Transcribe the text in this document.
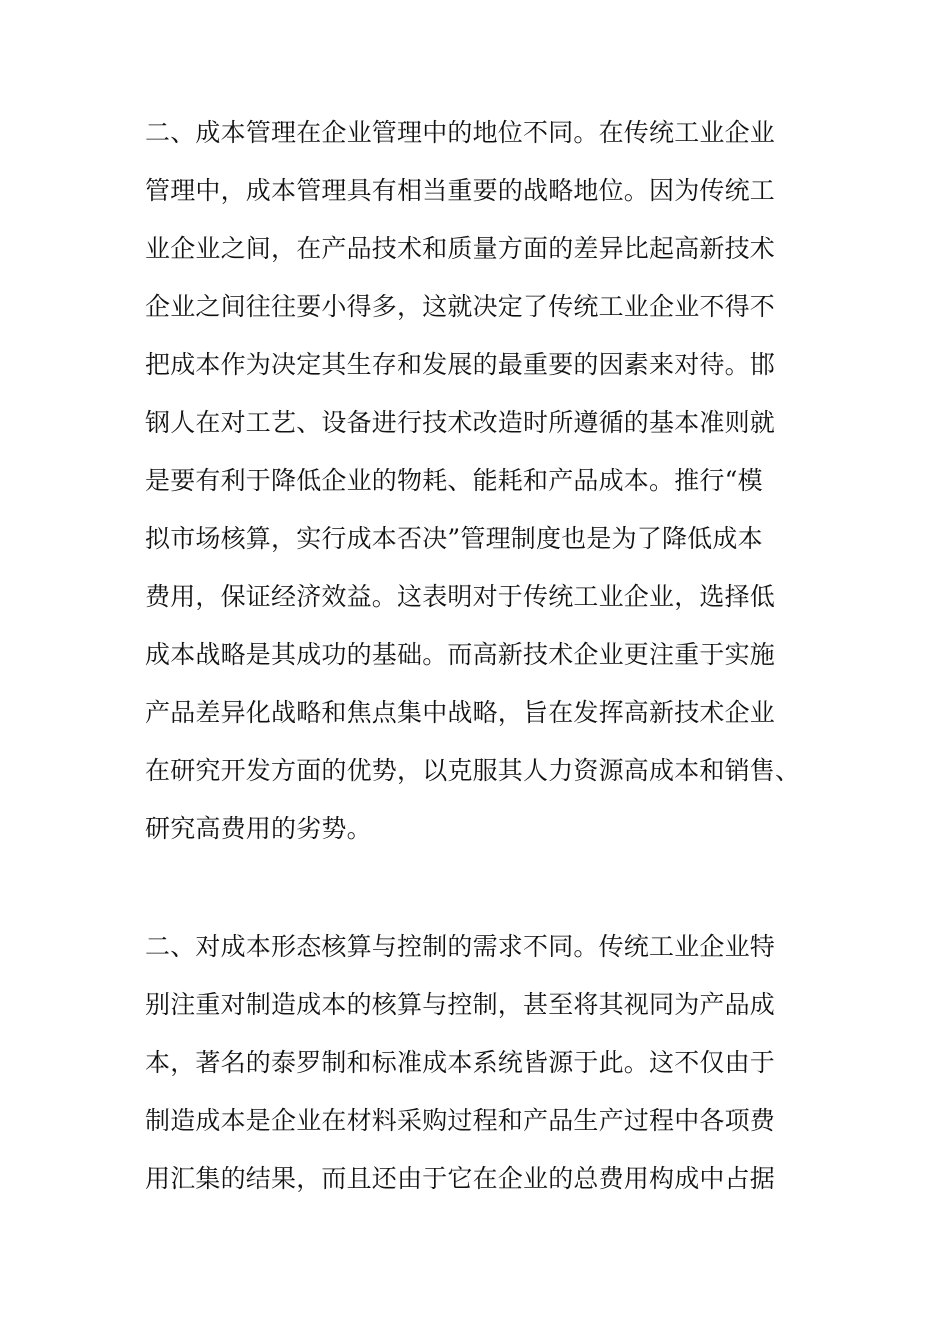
二、成本管理在企业管理中的地位不同。在传统工业企业
管理中，成本管理具有相当重要的战略地位。因为传统工
业企业之间，在产品技术和质量方面的差异比起高新技术
企业之间往往要小得多，这就决定了传统工业企业不得不
把成本作为决定其生存和发展的最重要的因素来对待。邯
钢人在对工艺、设备进行技术改造时所遵循的基本准则就
是要有利于降低企业的物耗、能耗和产品成本。推行“模
拟市场核算，实行成本否决”管理制度也是为了降低成本
费用，保证经济效益。这表明对于传统工业企业，选择低
成本战略是其成功的基础。而高新技术企业更注重于实施
产品差异化战略和焦点集中战略，旨在发挥高新技术企业
在研究开发方面的优势，以克服其人力资源高成本和销售、
研究高费用的劣势。
二、对成本形态核算与控制的需求不同。传统工业企业特
别注重对制造成本的核算与控制，甚至将其视同为产品成
本，著名的泰罗制和标准成本系统皆源于此。这不仅由于
制造成本是企业在材料采购过程和产品生产过程中各项费
用汇集的结果，而且还由于它在企业的总费用构成中占据
